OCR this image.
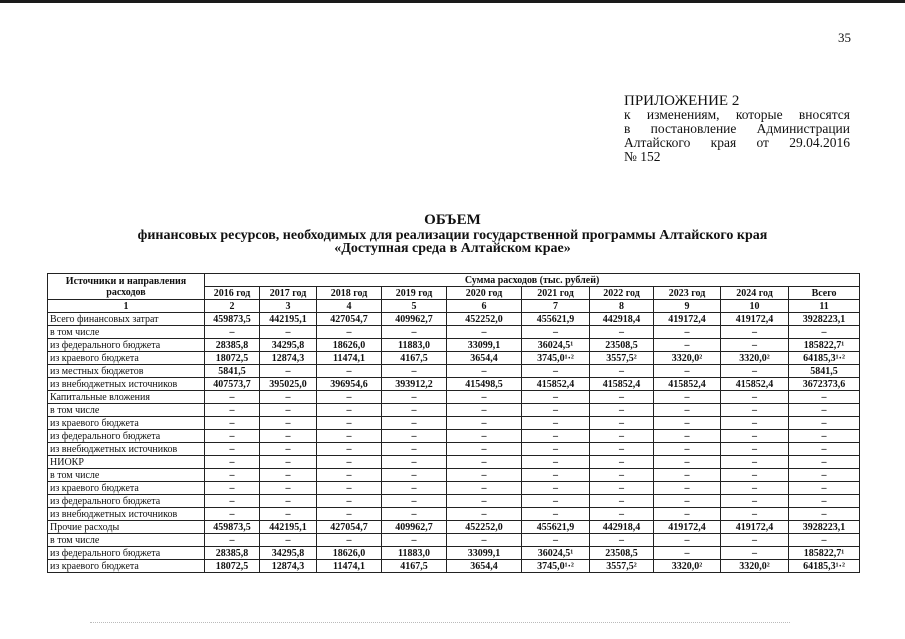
35
ПРИЛОЖЕНИЕ 2
к изменениям, которые вносятся
в постановление Администрации
Алтайского края от 29.04.2016
№ 152
ОБЪЕМ
финансовых ресурсов, необходимых для реализации государственной программы Алтайского края
«Доступная среда в Алтайском крае»
Источники и направления расходов	Сумма расходов (тыс. рублей)									
	2016 год	2017 год	2018 год	2019 год	2020 год	2021 год	2022 год	2023 год	2024 год	Всего
1	2	3	4	5	6	7	8	9	10	11
Всего финансовых затрат	459873,5	442195,1	427054,7	409962,7	452252,0	455621,9	442918,4	419172,4	419172,4	3928223,1
в том числе	–	–	–	–	–	–	–	–	–	–
из федерального бюджета	28385,8	34295,8	18626,0	11883,0	33099,1	36024,5¹	23508,5	–	–	185822,7¹
из краевого бюджета	18072,5	12874,3	11474,1	4167,5	3654,4	3745,0¹·²	3557,5²	3320,0²	3320,0²	64185,3¹·²
из местных бюджетов	5841,5	–	–	–	–	–	–	–	–	5841,5
из внебюджетных источников	407573,7	395025,0	396954,6	393912,2	415498,5	415852,4	415852,4	415852,4	415852,4	3672373,6
Капитальные вложения	–	–	–	–	–	–	–	–	–	–
в том числе	–	–	–	–	–	–	–	–	–	–
из краевого бюджета	–	–	–	–	–	–	–	–	–	–
из федерального бюджета	–	–	–	–	–	–	–	–	–	–
из внебюджетных источников	–	–	–	–	–	–	–	–	–	–
НИОКР	–	–	–	–	–	–	–	–	–	–
в том числе	–	–	–	–	–	–	–	–	–	–
из краевого бюджета	–	–	–	–	–	–	–	–	–	–
из федерального бюджета	–	–	–	–	–	–	–	–	–	–
из внебюджетных источников	–	–	–	–	–	–	–	–	–	–
Прочие расходы	459873,5	442195,1	427054,7	409962,7	452252,0	455621,9	442918,4	419172,4	419172,4	3928223,1
в том числе	–	–	–	–	–	–	–	–	–	–
из федерального бюджета	28385,8	34295,8	18626,0	11883,0	33099,1	36024,5¹	23508,5	–	–	185822,7¹
из краевого бюджета	18072,5	12874,3	11474,1	4167,5	3654,4	3745,0¹·²	3557,5²	3320,0²	3320,0²	64185,3¹·²
